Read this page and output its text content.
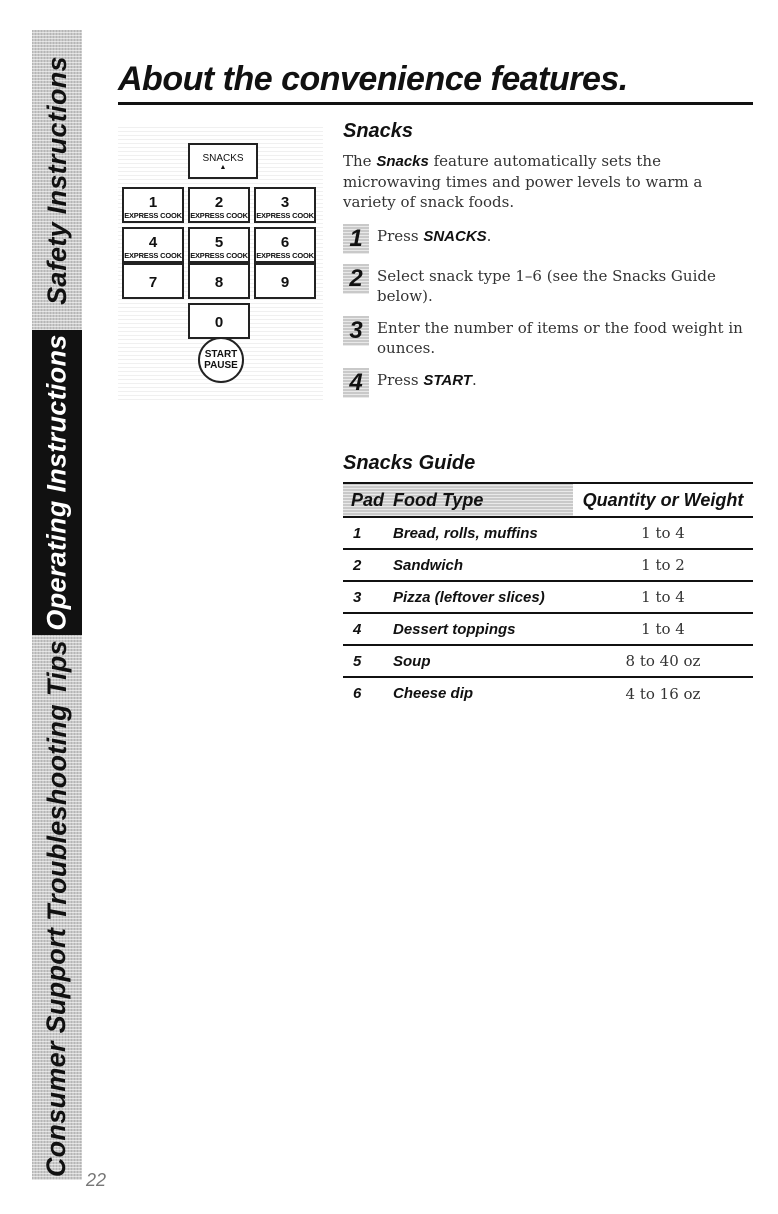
Safety Instructions
Operating Instructions
Troubleshooting Tips
Consumer Support
22
About the convenience features.
SNACKS
▲
1
EXPRESS COOK
2
EXPRESS COOK
3
EXPRESS COOK
4
EXPRESS COOK
5
EXPRESS COOK
6
EXPRESS COOK
7	8	9
0
START
PAUSE
Snacks

The Snacks feature automatically sets the microwaving times and power levels to warm a variety of snack foods.

1 Press SNACKS.
2 Select snack type 1–6 (see the Snacks Guide below).
3 Enter the number of items or the food weight in ounces.
4 Press START.
Snacks Guide
Pad	Food Type	Quantity or Weight
1	Bread, rolls, muffins	1 to 4
2	Sandwich	1 to 2
3	Pizza (leftover slices)	1 to 4
4	Dessert toppings	1 to 4
5	Soup	8 to 40 oz
6	Cheese dip	4 to 16 oz
